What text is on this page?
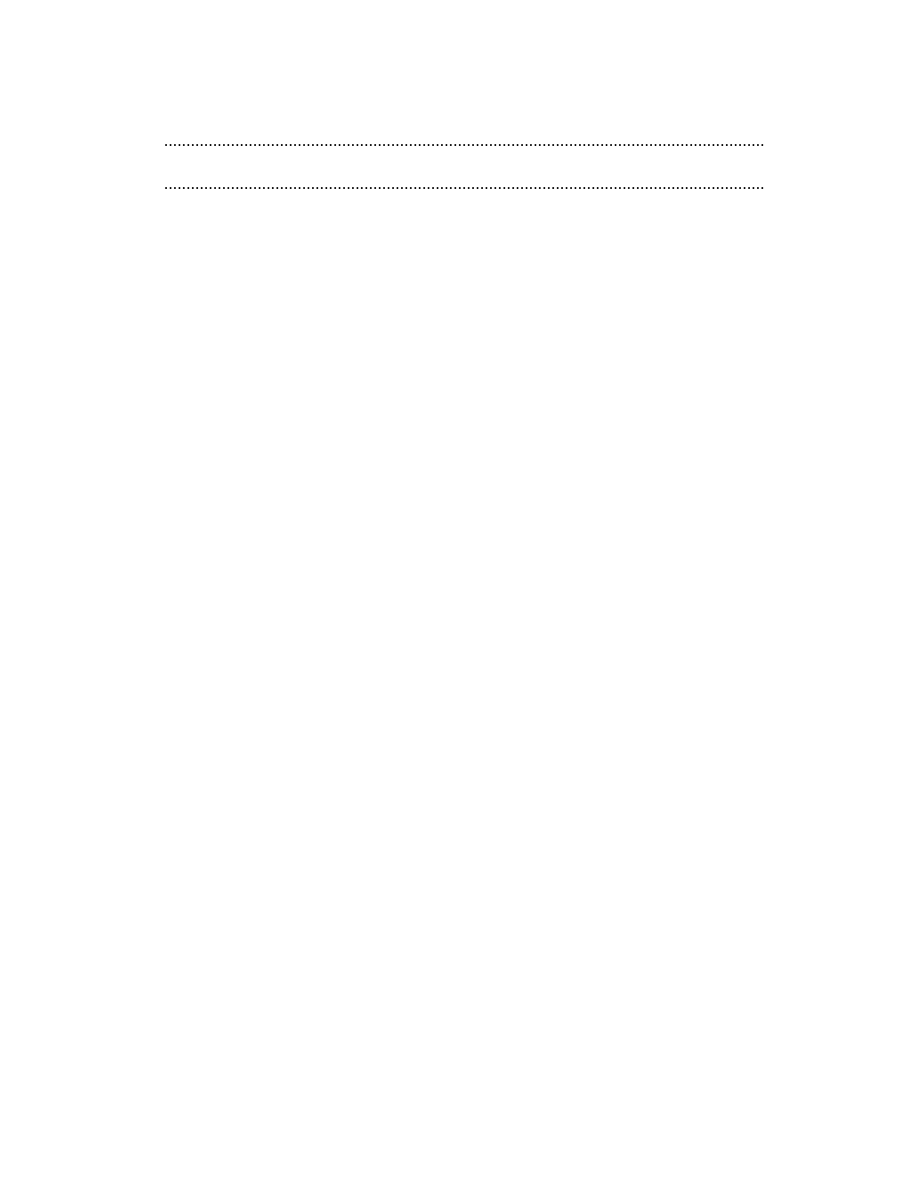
. . .

. . .
